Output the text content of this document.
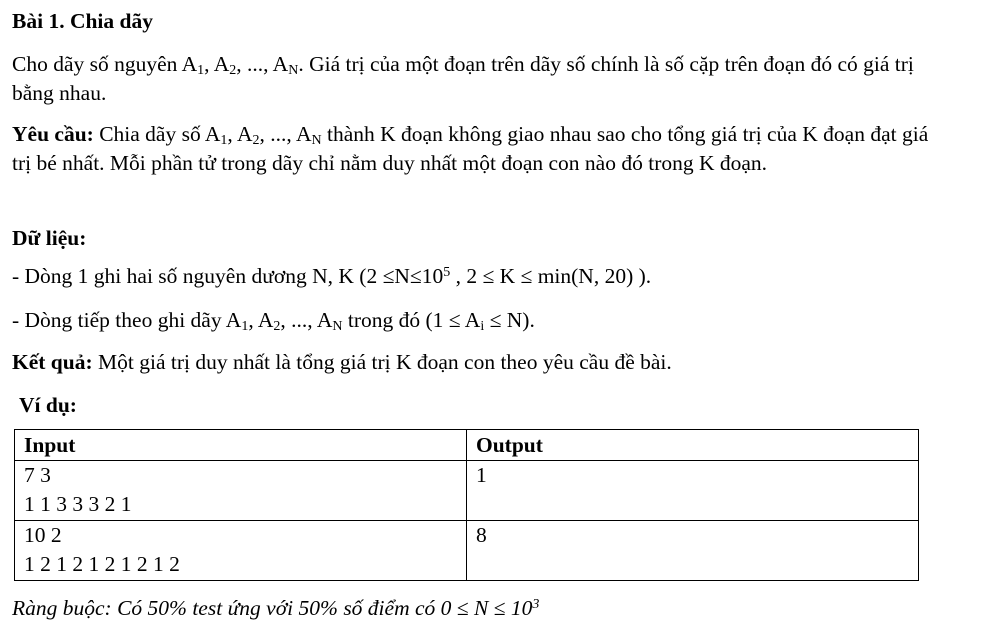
Bài 1. Chia dãy
Cho dãy số nguyên $A_1$, $A_2$, ..., $A_N$. Giá trị của một đoạn trên dãy số chính là số cặp trên đoạn đó có giá trị bằng nhau.
Yêu cầu: Chia dãy số $A_1$, $A_2$, ..., $A_N$ thành K đoạn không giao nhau sao cho tổng giá trị của K đoạn đạt giá trị bé nhất. Mỗi phần tử trong dãy chỉ nằm duy nhất một đoạn con nào đó trong K đoạn.
Dữ liệu:
- Dòng 1 ghi hai số nguyên dương N, K ($2 \le N\le 10^5$ , 2 ≤ K ≤ min(N, 20) ).
- Dòng tiếp theo ghi dãy $A_1$, $A_2$, ..., $A_N$ trong đó $(1 \le A_i \le N)$.
Kết quả: Một giá trị duy nhất là tổng giá trị K đoạn con theo yêu cầu đề bài.
Ví dụ:
Input	Output

7 3
1 1 3 3 3 2 1	1

10 2
1 2 1 2 1 2 1 2 1 2	8
Ràng buộc: Có 50% test ứng với 50% số điểm có $0 \le N \le 10^3$
